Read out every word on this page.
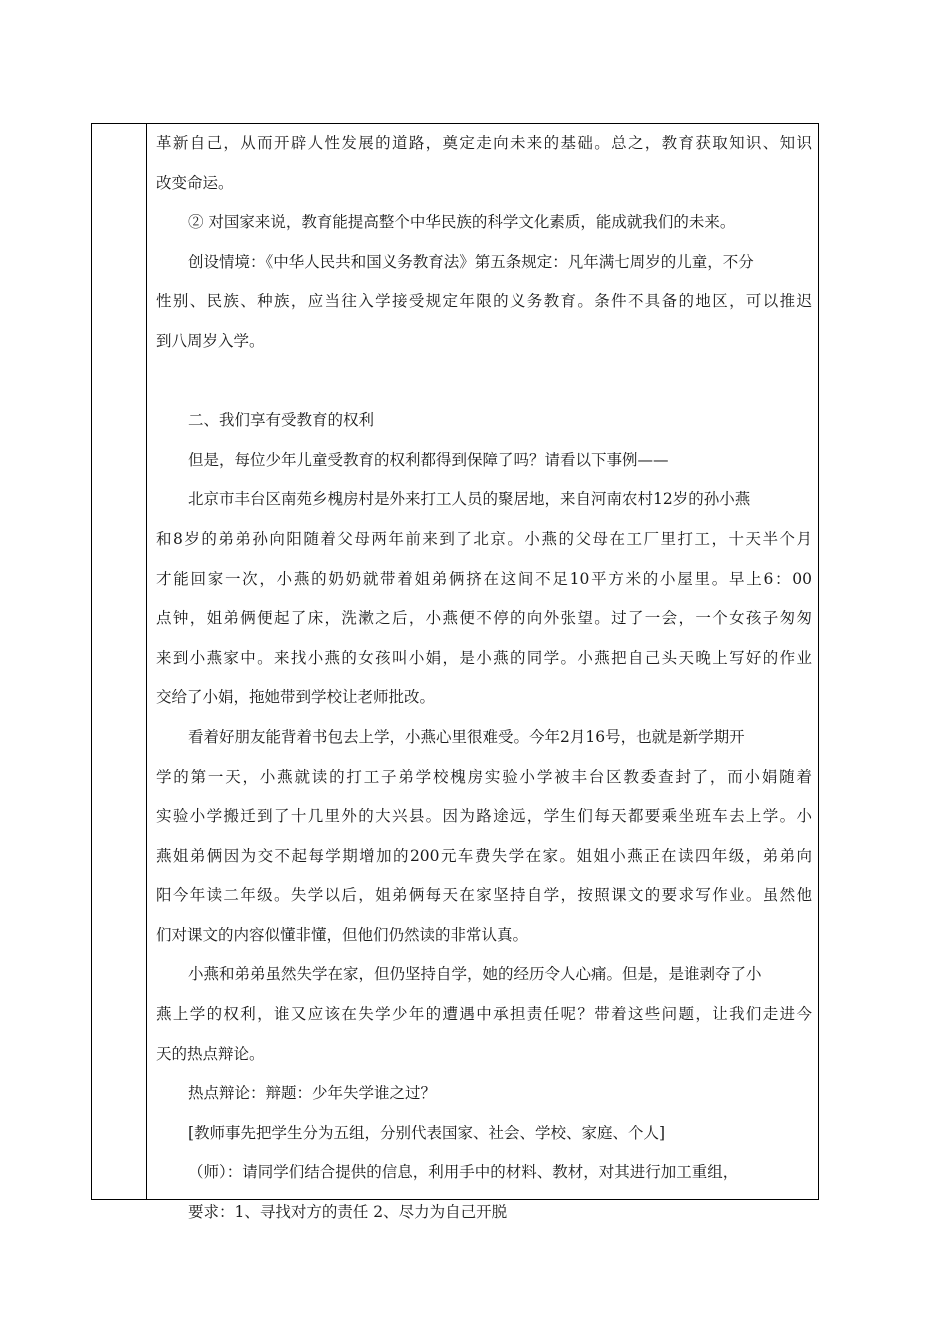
革新自己，从而开辟人性发展的道路，奠定走向未来的基础。总之，教育获取知识、知识

改变命运。

② 对国家来说，教育能提高整个中华民族的科学文化素质，能成就我们的未来。

创设情境：《中华人民共和国义务教育法》第五条规定：凡年满七周岁的儿童，不分

性别、民族、种族，应当往入学接受规定年限的义务教育。条件不具备的地区，可以推迟

到八周岁入学。

二、我们享有受教育的权利

但是，每位少年儿童受教育的权利都得到保障了吗？请看以下事例——

北京市丰台区南苑乡槐房村是外来打工人员的聚居地，来自河南农村12岁的孙小燕

和8岁的弟弟孙向阳随着父母两年前来到了北京。小燕的父母在工厂里打工，十天半个月

才能回家一次，小燕的奶奶就带着姐弟俩挤在这间不足10平方米的小屋里。早上6：00

点钟，姐弟俩便起了床，洗漱之后，小燕便不停的向外张望。过了一会，一个女孩子匆匆

来到小燕家中。来找小燕的女孩叫小娟，是小燕的同学。小燕把自己头天晚上写好的作业

交给了小娟，拖她带到学校让老师批改。

看着好朋友能背着书包去上学，小燕心里很难受。今年2月16号，也就是新学期开

学的第一天，小燕就读的打工子弟学校槐房实验小学被丰台区教委查封了，而小娟随着

实验小学搬迁到了十几里外的大兴县。因为路途远，学生们每天都要乘坐班车去上学。小

燕姐弟俩因为交不起每学期增加的200元车费失学在家。姐姐小燕正在读四年级，弟弟向

阳今年读二年级。失学以后，姐弟俩每天在家坚持自学，按照课文的要求写作业。虽然他

们对课文的内容似懂非懂，但他们仍然读的非常认真。

小燕和弟弟虽然失学在家，但仍坚持自学，她的经历令人心痛。但是，是谁剥夺了小

燕上学的权利，谁又应该在失学少年的遭遇中承担责任呢？带着这些问题，让我们走进今

天的热点辩论。

热点辩论：辩题：少年失学谁之过？

[教师事先把学生分为五组，分别代表国家、社会、学校、家庭、个人]

（师）：请同学们结合提供的信息，利用手中的材料、教材，对其进行加工重组，

要求：1、寻找对方的责任 2、尽力为自己开脱
